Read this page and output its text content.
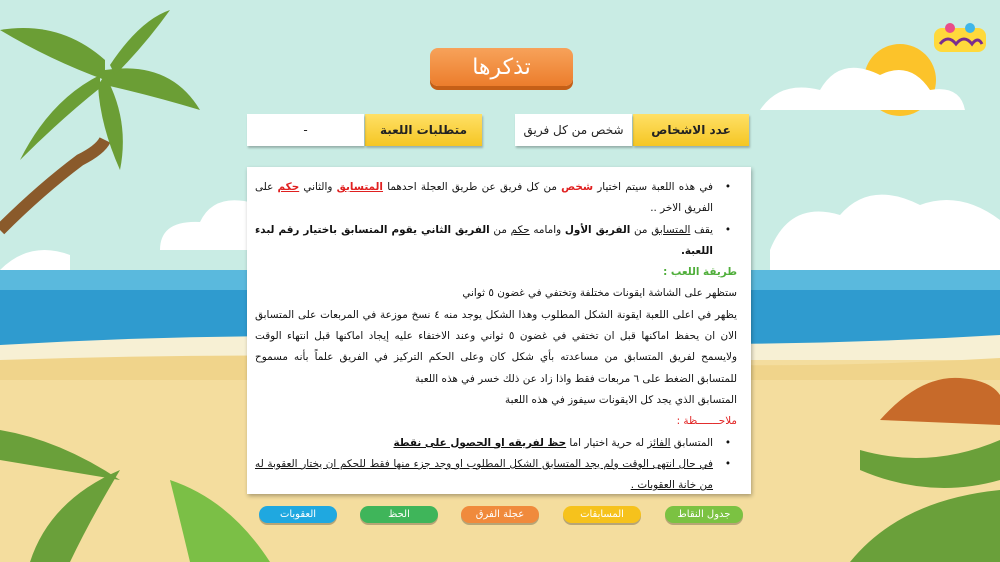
تذكرها
عدد الاشخاص
شخص من كل فريق
متطلبات اللعبة
-
• في هذه اللعبة سيتم اختيار شخص من كل فريق عن طريق العجلة احدهما المتسابق والثاني حكم على الفريق الاخر ..
• يقف المتسابق من الفريق الأول وامامه حكم من الفريق الثاني يقوم المتسابق باختيار رقم لبدء اللعبة.
طريقة اللعب :
ستظهر على الشاشة ايقونات مختلفة وتختفي في غضون ٥ ثواني
يظهر في اعلى اللعبة ايقونة الشكل المطلوب وهذا الشكل يوجد منه ٤ نسخ موزعة في المربعات على المتسابق الان ان يحفظ اماكنها قبل ان تختفي في غضون ٥ ثواني وعند الاختفاء عليه إيجاد اماكنها قبل انتهاء الوقت ولايسمح لفريق المتسابق من مساعدته بأي شكل كان وعلى الحكم التركيز في الفريق علماً بأنه مسموح للمتسابق الضغط على ٦ مربعات فقط واذا زاد عن ذلك خسر في هذه اللعبة
المتسابق الذي يجد كل الايقونات سيفوز في هذه اللعبة
ملاحـــــــظة :
• المتسابق الفائز له حرية اختيار اما حظ لفريقه او الحصول على نقطة
• في حال انتهى الوقت ولم يجد المتسابق الشكل المطلوب او وجد جزء منها فقط للحكم ان يختار العقوبة له من خانة العقوبات .
جدول النقاط
المسابقات
عجلة الفرق
الحظ
العقوبات
